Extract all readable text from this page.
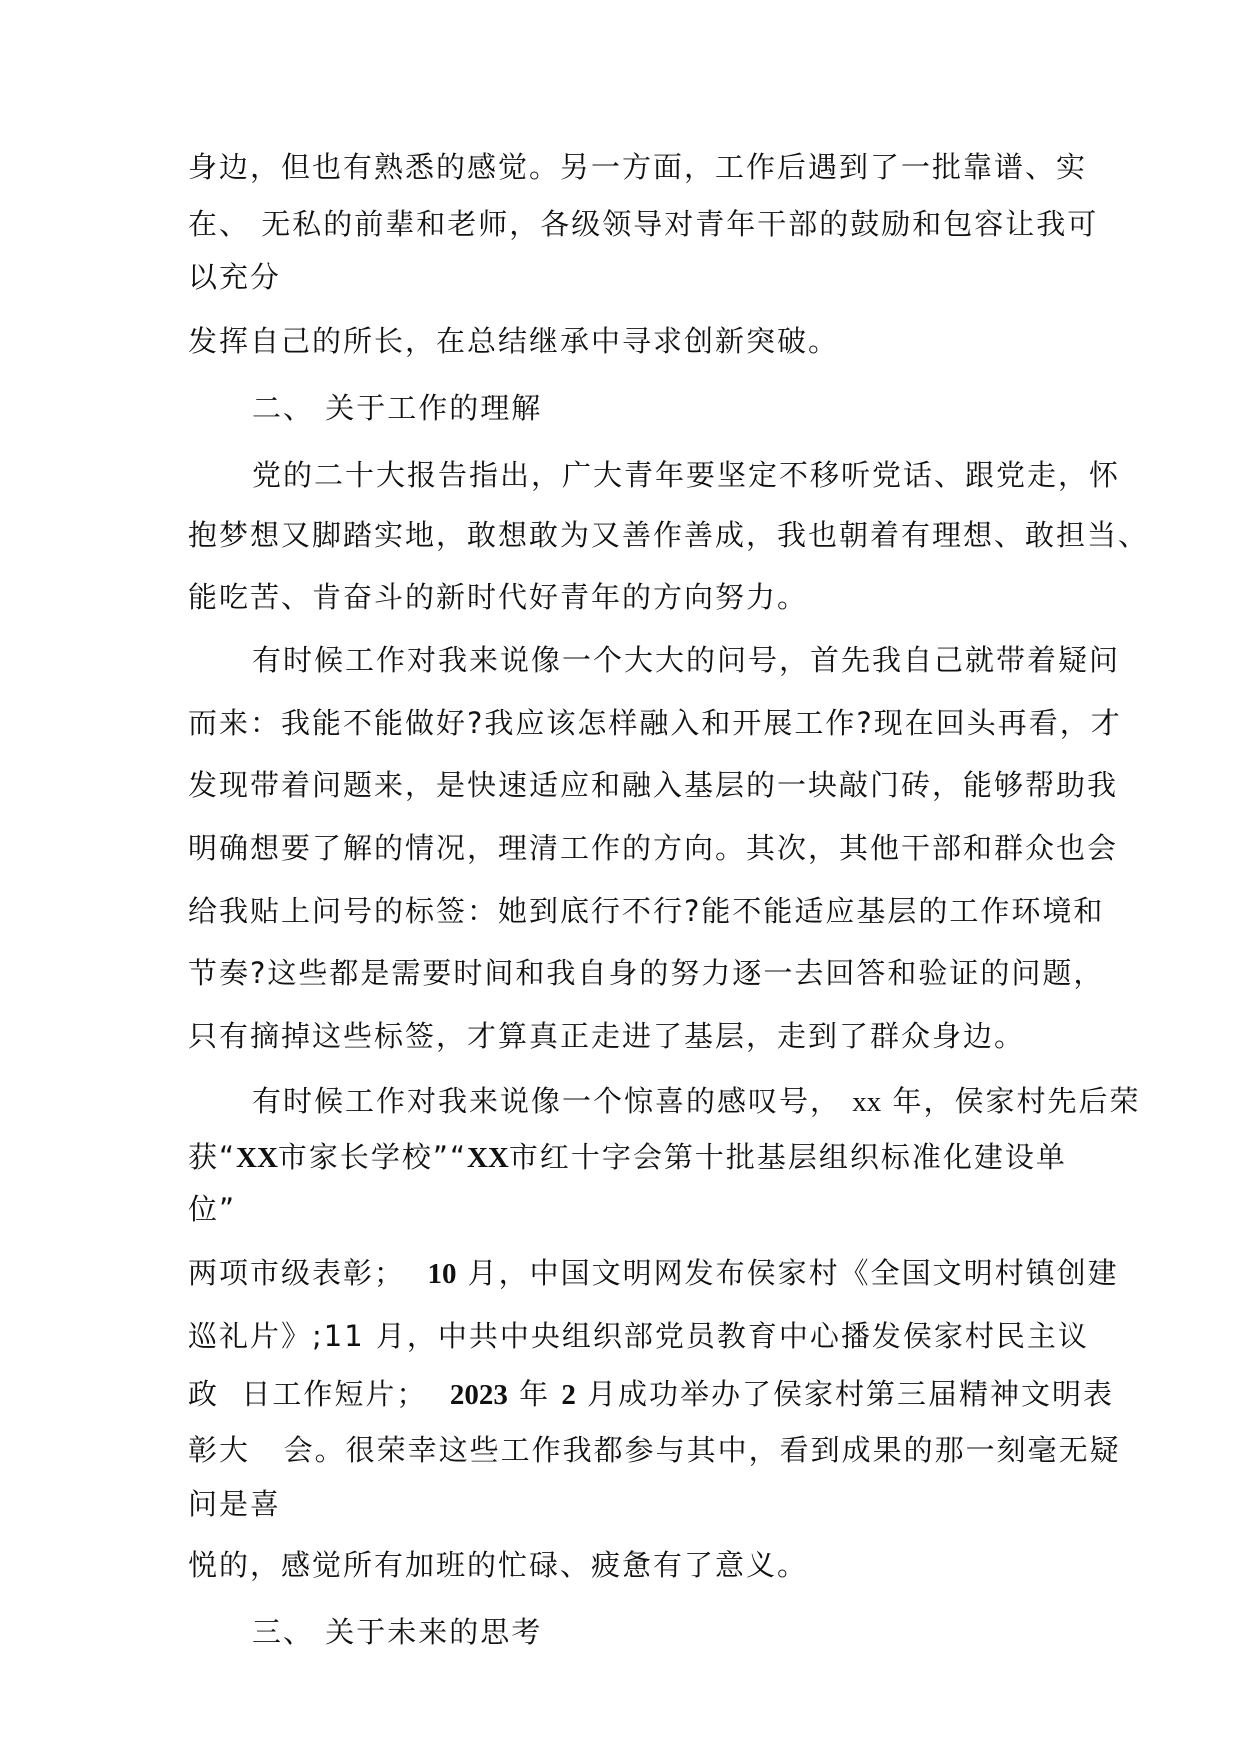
身边，但也有熟悉的感觉。另一方面，工作后遇到了一批靠谱、实

在、 无私的前辈和老师，各级领导对青年干部的鼓励和包容让我可

以充分

发挥自己的所长，在总结继承中寻求创新突破。

二、 关于工作的理解

党的二十大报告指出，广大青年要坚定不移听党话、跟党走，怀

抱梦想又脚踏实地，敢想敢为又善作善成，我也朝着有理想、敢担当、

能吃苦、肯奋斗的新时代好青年的方向努力。

有时候工作对我来说像一个大大的问号，首先我自己就带着疑问

而来：我能不能做好?我应该怎样融入和开展工作?现在回头再看，才

发现带着问题来，是快速适应和融入基层的一块敲门砖，能够帮助我

明确想要了解的情况，理清工作的方向。其次，其他干部和群众也会

给我贴上问号的标签：她到底行不行?能不能适应基层的工作环境和

节奏?这些都是需要时间和我自身的努力逐一去回答和验证的问题，

只有摘掉这些标签，才算真正走进了基层，走到了群众身边。

有时候工作对我来说像一个惊喜的感叹号， xx 年，侯家村先后荣

获“XX市家长学校”“XX市红十字会第十批基层组织标准化建设单

位”

两项市级表彰； 10 月，中国文明网发布侯家村《全国文明村镇创建

巡礼片》;11 月，中共中央组织部党员教育中心播发侯家村民主议

政  日工作短片； 2023 年 2 月成功举办了侯家村第三届精神文明表

彰大   会。很荣幸这些工作我都参与其中，看到成果的那一刻毫无疑

问是喜

悦的，感觉所有加班的忙碌、疲惫有了意义。

三、 关于未来的思考
